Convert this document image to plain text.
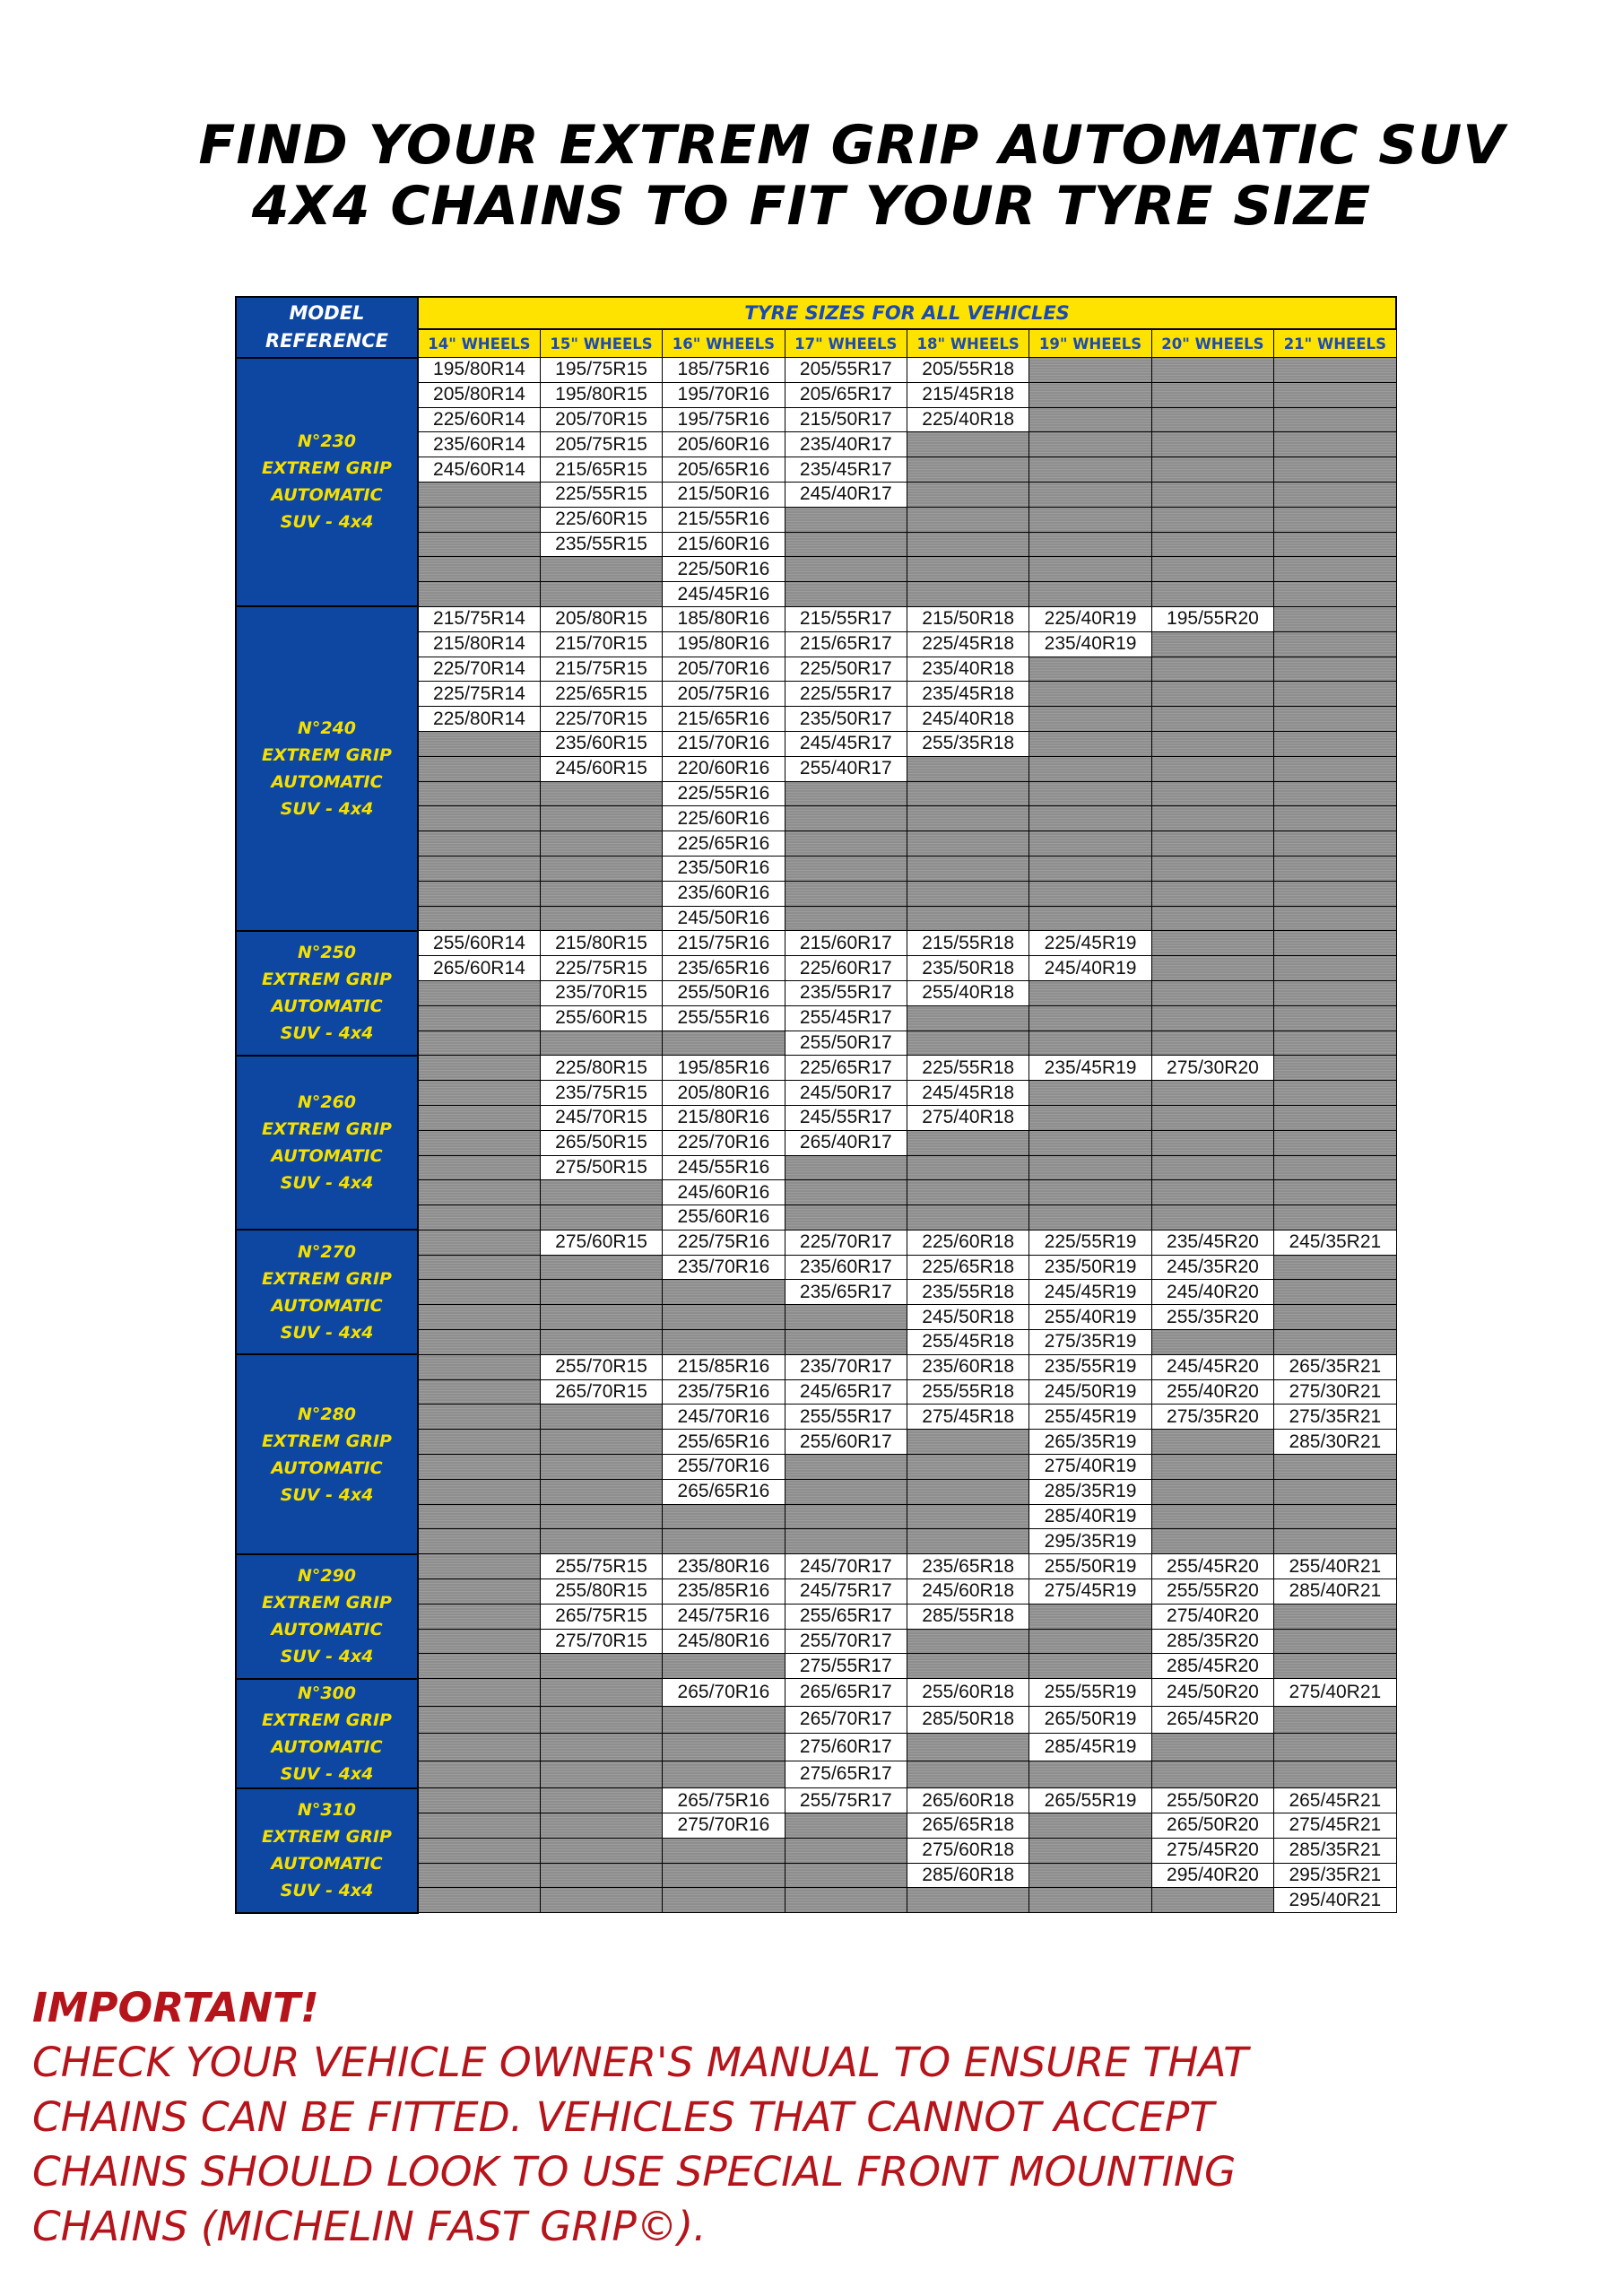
FIND YOUR EXTREM GRIP AUTOMATIC SUV
4X4 CHAINS TO FIT YOUR TYRE SIZE
MODEL
REFERENCE	TYRE SIZES FOR ALL VEHICLES							
	14" WHEELS	15" WHEELS	16" WHEELS	17" WHEELS	18" WHEELS	19" WHEELS	20" WHEELS	21" WHEELS

N°230
EXTREM GRIP
AUTOMATIC
SUV - 4x4	195/80R14	195/75R15	185/75R16	205/55R17	205/55R18			
	205/80R14	195/80R15	195/70R16	205/65R17	215/45R18			
	225/60R14	205/70R15	195/75R16	215/50R17	225/40R18			
	235/60R14	205/75R15	205/60R16	235/40R17				
	245/60R14	215/65R15	205/65R16	235/45R17				
		225/55R15	215/50R16	245/40R17				
		225/60R15	215/55R16					
		235/55R15	215/60R16					
			225/50R16					
			245/45R16					

N°240
EXTREM GRIP
AUTOMATIC
SUV - 4x4	215/75R14	205/80R15	185/80R16	215/55R17	215/50R18	225/40R19	195/55R20	
	215/80R14	215/70R15	195/80R16	215/65R17	225/45R18	235/40R19		
	225/70R14	215/75R15	205/70R16	225/50R17	235/40R18			
	225/75R14	225/65R15	205/75R16	225/55R17	235/45R18			
	225/80R14	225/70R15	215/65R16	235/50R17	245/40R18			
		235/60R15	215/70R16	245/45R17	255/35R18			
		245/60R15	220/60R16	255/40R17				
			225/55R16					
			225/60R16					
			225/65R16					
			235/50R16					
			235/60R16					
			245/50R16					

N°250
EXTREM GRIP
AUTOMATIC
SUV - 4x4	255/60R14	215/80R15	215/75R16	215/60R17	215/55R18	225/45R19		
	265/60R14	225/75R15	235/65R16	225/60R17	235/50R18	245/40R19		
		235/70R15	255/50R16	235/55R17	255/40R18			
		255/60R15	255/55R16	255/45R17				
				255/50R17				

N°260
EXTREM GRIP
AUTOMATIC
SUV - 4x4		225/80R15	195/85R16	225/65R17	225/55R18	235/45R19	275/30R20	
		235/75R15	205/80R16	245/50R17	245/45R18			
		245/70R15	215/80R16	245/55R17	275/40R18			
		265/50R15	225/70R16	265/40R17				
		275/50R15	245/55R16					
			245/60R16					
			255/60R16					

N°270
EXTREM GRIP
AUTOMATIC
SUV - 4x4		275/60R15	225/75R16	225/70R17	225/60R18	225/55R19	235/45R20	245/35R21
			235/70R16	235/60R17	225/65R18	235/50R19	245/35R20	
				235/65R17	235/55R18	245/45R19	245/40R20	
					245/50R18	255/40R19	255/35R20	
					255/45R18	275/35R19		

N°280
EXTREM GRIP
AUTOMATIC
SUV - 4x4		255/70R15	215/85R16	235/70R17	235/60R18	235/55R19	245/45R20	265/35R21
		265/70R15	235/75R16	245/65R17	255/55R18	245/50R19	255/40R20	275/30R21
			245/70R16	255/55R17	275/45R18	255/45R19	275/35R20	275/35R21
			255/65R16	255/60R17		265/35R19		285/30R21
			255/70R16			275/40R19		
			265/65R16			285/35R19		
						285/40R19		
						295/35R19		

N°290
EXTREM GRIP
AUTOMATIC
SUV - 4x4		255/75R15	235/80R16	245/70R17	235/65R18	255/50R19	255/45R20	255/40R21
		255/80R15	235/85R16	245/75R17	245/60R18	275/45R19	255/55R20	285/40R21
		265/75R15	245/75R16	255/65R17	285/55R18		275/40R20	
		275/70R15	245/80R16	255/70R17			285/35R20	
				275/55R17			285/45R20	

N°300
EXTREM GRIP
AUTOMATIC
SUV - 4x4			265/70R16	265/65R17	255/60R18	255/55R19	245/50R20	275/40R21
				265/70R17	285/50R18	265/50R19	265/45R20	
				275/60R17		285/45R19		
				275/65R17				

N°310
EXTREM GRIP
AUTOMATIC
SUV - 4x4			265/75R16	255/75R17	265/60R18	265/55R19	255/50R20	265/45R21
			275/70R16		265/65R18		265/50R20	275/45R21
					275/60R18		275/45R20	285/35R21
					285/60R18		295/40R20	295/35R21
								295/40R21
IMPORTANT!
CHECK YOUR VEHICLE OWNER'S MANUAL TO ENSURE THAT
CHAINS CAN BE FITTED. VEHICLES THAT CANNOT ACCEPT
CHAINS SHOULD LOOK TO USE SPECIAL FRONT MOUNTING
CHAINS (MICHELIN FAST GRIP©).
